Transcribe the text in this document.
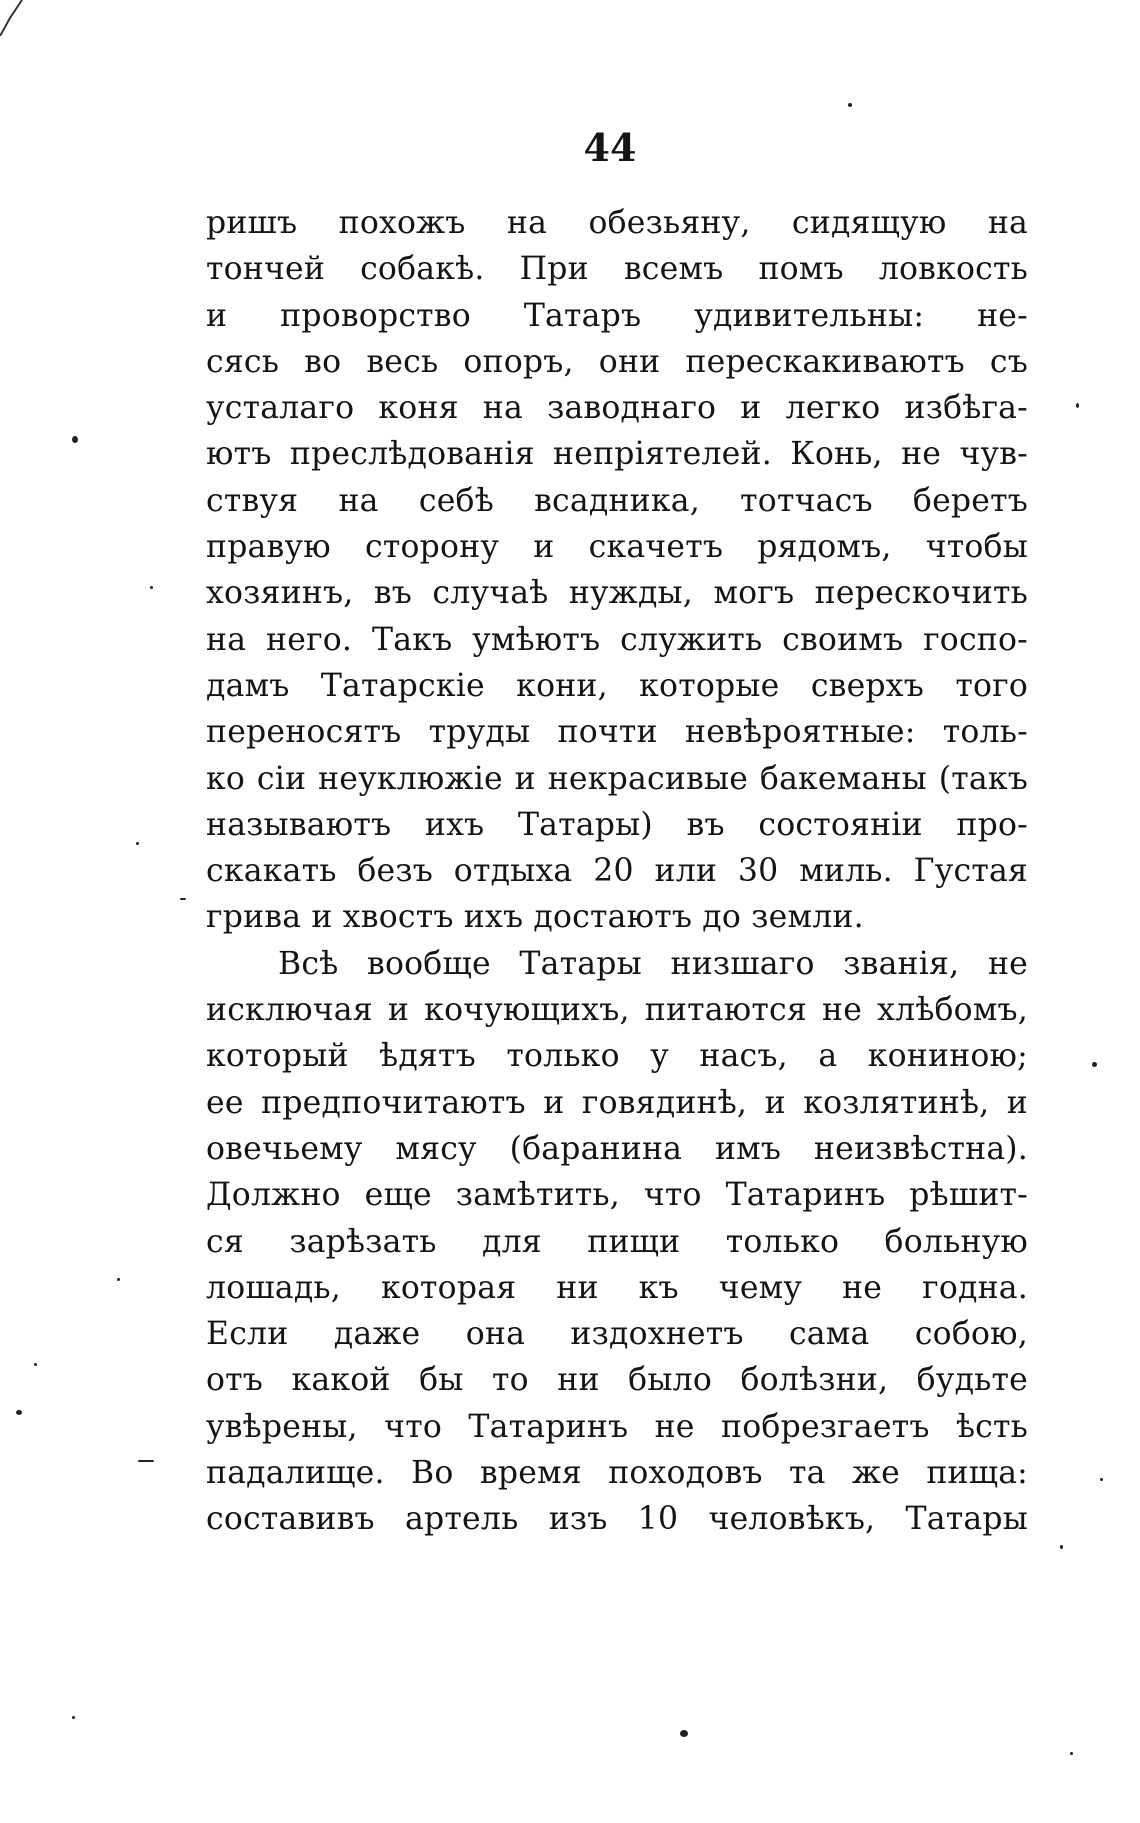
44
ришъ похожъ на обезьяну, сидящую на
тончей собакѣ. При всемъ помъ ловкость
и проворство Татаръ удивительны: не-
сясь во весь опоръ, они перескакиваютъ съ
усталаго коня на заводнаго и легко избѣга-
ютъ преслѣдованія непріятелей. Конь, не чув-
ствуя на себѣ всадника, тотчасъ беретъ
правую сторону и скачетъ рядомъ, чтобы
хозяинъ, въ случаѣ нужды, могъ перескочить
на него. Такъ умѣютъ служить своимъ госпо-
дамъ Татарскіе кони, которые сверхъ того
переносятъ труды почти невѣроятные: толь-
ко сіи неуклюжіе и некрасивые бакеманы (такъ
называютъ ихъ Татары) въ состояніи про-
скакать безъ отдыха 20 или 30 миль. Густая
грива и хвостъ ихъ достаютъ до земли.
Всѣ вообще Татары низшаго званія, не
исключая и кочующихъ, питаются не хлѣбомъ,
который ѣдятъ только у насъ, а кониною;
ее предпочитаютъ и говядинѣ, и козлятинѣ, и
овечьему мясу (баранина имъ неизвѣстна).
Должно еще замѣтить, что Татаринъ рѣшит-
ся зарѣзать для пищи только больную
лошадь, которая ни къ чему не годна.
Если даже она издохнетъ сама собою,
отъ какой бы то ни было болѣзни, будьте
увѣрены, что Татаринъ не побрезгаетъ ѣсть
падалище. Во время походовъ та же пища:
составивъ артель изъ 10 человѣкъ, Татары
